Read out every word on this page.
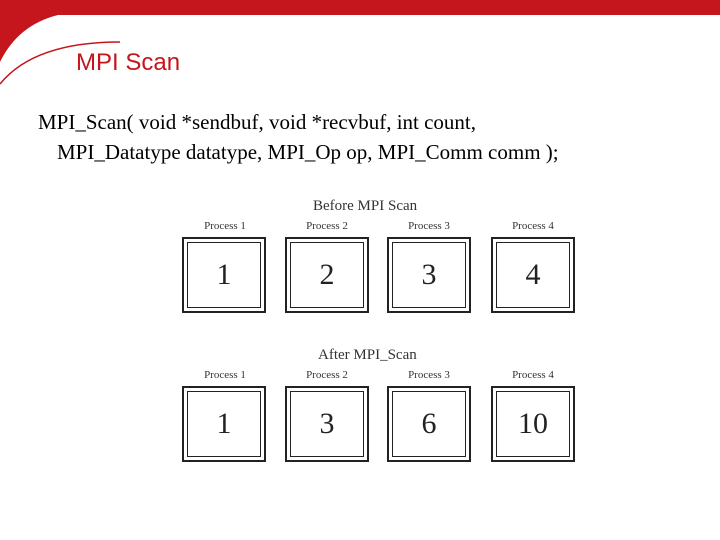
MPI Scan
MPI_Scan( void *sendbuf, void *recvbuf, int count,
MPI_Datatype datatype, MPI_Op op, MPI_Comm comm );
Before MPI Scan
Process 1	Process 2	Process 3	Process 4
1	2	3	4
After MPI_Scan
Process 1	Process 2	Process 3	Process 4
1	3	6	10
